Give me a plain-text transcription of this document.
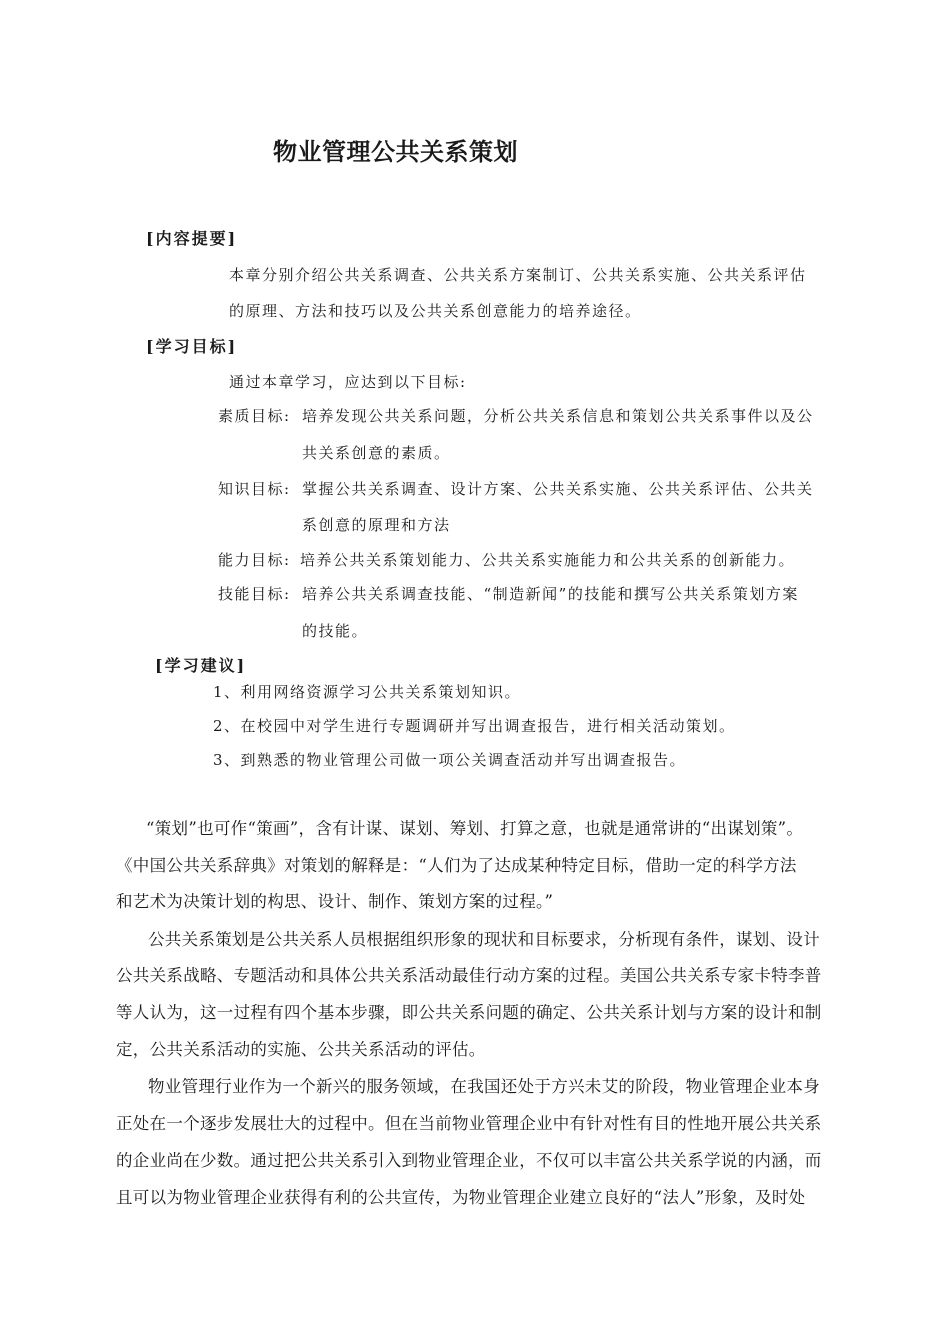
物业管理公共关系策划
[内容提要]
本章分别介绍公共关系调查、公共关系方案制订、公共关系实施、公共关系评估
的原理、方法和技巧以及公共关系创意能力的培养途径。
[学习目标]
通过本章学习，应达到以下目标:
素质目标: 培养发现公共关系问题，分析公共关系信息和策划公共关系事件以及公
共关系创意的素质。
知识目标: 掌握公共关系调查、设计方案、公共关系实施、公共关系评估、公共关
系创意的原理和方法
能力目标: 培养公共关系策划能力、公共关系实施能力和公共关系的创新能力。
技能目标: 培养公共关系调查技能、“制造新闻”的技能和撰写公共关系策划方案
的技能。
[学习建议]
1、利用网络资源学习公共关系策划知识。
2、在校园中对学生进行专题调研并写出调查报告，进行相关活动策划。
3、到熟悉的物业管理公司做一项公关调查活动并写出调查报告。
“策划”也可作“策画”，含有计谋、谋划、筹划、打算之意，也就是通常讲的“出谋划策”。
《中国公共关系辞典》对策划的解释是：“人们为了达成某种特定目标，借助一定的科学方法
和艺术为决策计划的构思、设计、制作、策划方案的过程。”
公共关系策划是公共关系人员根据组织形象的现状和目标要求，分析现有条件，谋划、设计
公共关系战略、专题活动和具体公共关系活动最佳行动方案的过程。美国公共关系专家卡特李普
等人认为，这一过程有四个基本步骤，即公共关系问题的确定、公共关系计划与方案的设计和制
定，公共关系活动的实施、公共关系活动的评估。
物业管理行业作为一个新兴的服务领域，在我国还处于方兴未艾的阶段，物业管理企业本身
正处在一个逐步发展壮大的过程中。但在当前物业管理企业中有针对性有目的性地开展公共关系
的企业尚在少数。通过把公共关系引入到物业管理企业，不仅可以丰富公共关系学说的内涵，而
且可以为物业管理企业获得有利的公共宣传，为物业管理企业建立良好的“法人”形象，及时处
